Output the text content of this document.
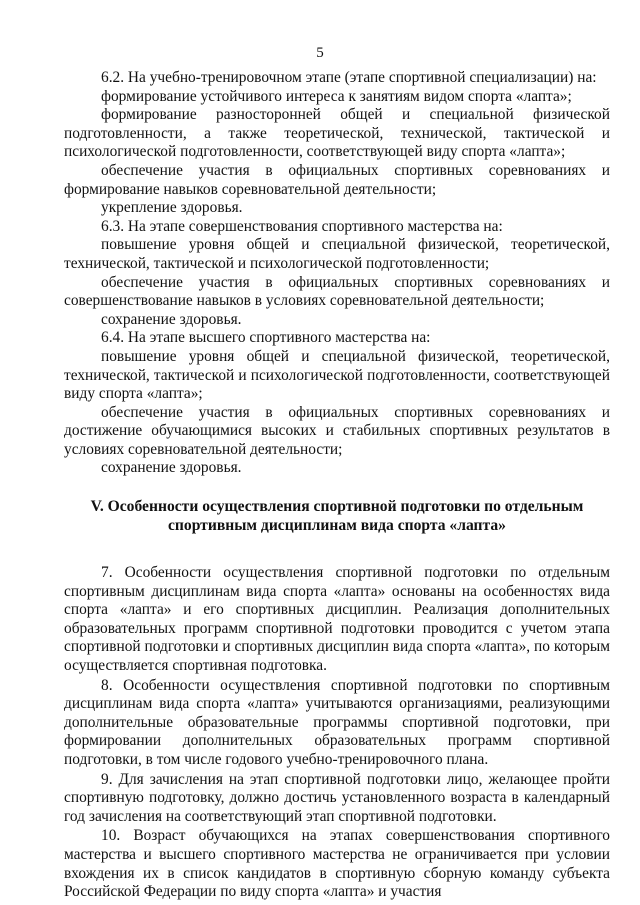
5

6.2. На учебно-тренировочном этапе (этапе спортивной специализации) на:

формирование устойчивого интереса к занятиям видом спорта «лапта»;

формирование разносторонней общей и специальной физической подготовленности, а также теоретической, технической, тактической и психологической подготовленности, соответствующей виду спорта «лапта»;

обеспечение участия в официальных спортивных соревнованиях и формирование навыков соревновательной деятельности;

укрепление здоровья.

6.3. На этапе совершенствования спортивного мастерства на:

повышение уровня общей и специальной физической, теоретической, технической, тактической и психологической подготовленности;

обеспечение участия в официальных спортивных соревнованиях и совершенствование навыков в условиях соревновательной деятельности;

сохранение здоровья.

6.4. На этапе высшего спортивного мастерства на:

повышение уровня общей и специальной физической, теоретической, технической, тактической и психологической подготовленности, соответствующей виду спорта «лапта»;

обеспечение участия в официальных спортивных соревнованиях и достижение обучающимися высоких и стабильных спортивных результатов в условиях соревновательной деятельности;

сохранение здоровья.

V. Особенности осуществления спортивной подготовки по отдельным
спортивным дисциплинам вида спорта «лапта»

7. Особенности осуществления спортивной подготовки по отдельным спортивным дисциплинам вида спорта «лапта» основаны на особенностях вида спорта «лапта» и его спортивных дисциплин. Реализация дополнительных образовательных программ спортивной подготовки проводится с учетом этапа спортивной подготовки и спортивных дисциплин вида спорта «лапта», по которым осуществляется спортивная подготовка.

8. Особенности осуществления спортивной подготовки по спортивным дисциплинам вида спорта «лапта» учитываются организациями, реализующими дополнительные образовательные программы спортивной подготовки, при формировании дополнительных образовательных программ спортивной подготовки, в том числе годового учебно-тренировочного плана.

9. Для зачисления на этап спортивной подготовки лицо, желающее пройти спортивную подготовку, должно достичь установленного возраста в календарный год зачисления на соответствующий этап спортивной подготовки.

10. Возраст обучающихся на этапах совершенствования спортивного мастерства и высшего спортивного мастерства не ограничивается при условии вхождения их в список кандидатов в спортивную сборную команду субъекта Российской Федерации по виду спорта «лапта» и участия
